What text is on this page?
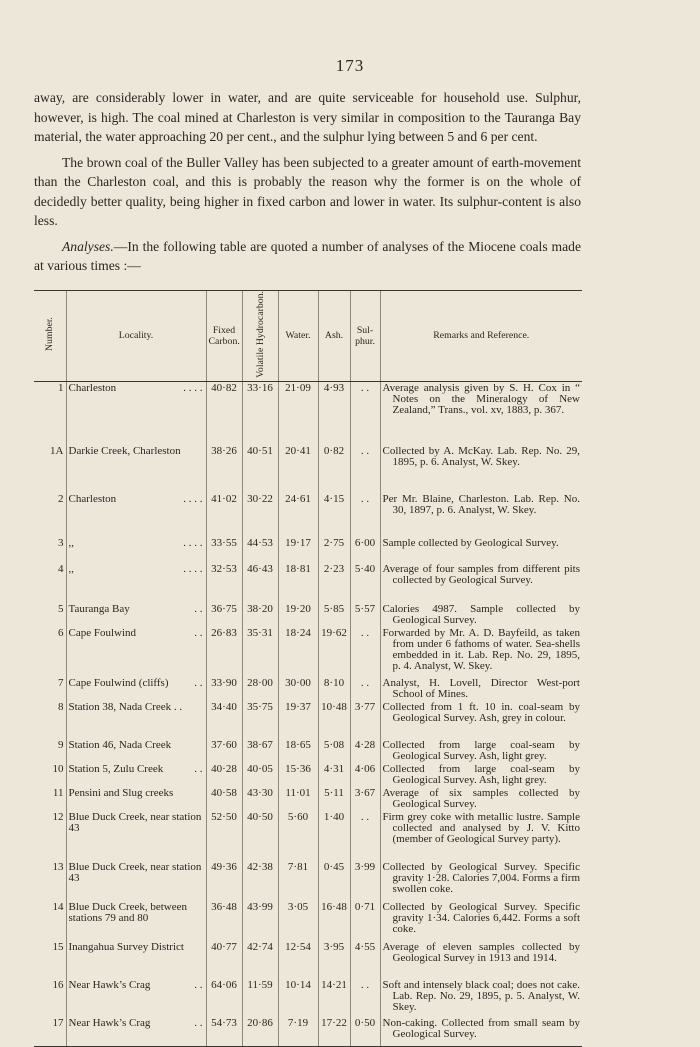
173

away, are considerably lower in water, and are quite serviceable for household use. Sulphur, however, is high. The coal mined at Charleston is very similar in composition to the Tauranga Bay material, the water approaching 20 per cent., and the sulphur lying between 5 and 6 per cent.

The brown coal of the Buller Valley has been subjected to a greater amount of earth-movement than the Charleston coal, and this is probably the reason why the former is on the whole of decidedly better quality, being higher in fixed carbon and lower in water. Its sulphur-content is also less.

Analyses.—In the following table are quoted a number of analyses of the Miocene coals made at various times :—

Number.	Locality.	Fixed Carbon.	Volatile Hydrocarbon.	Water.	Ash.	Sul-phur.	Remarks and Reference.
1	Charleston . . . .	40·82	33·16	21·09	4·93	. .	Average analysis given by S. H. Cox in “ Notes on the Mineralogy of New Zealand,” Trans., vol. xv, 1883, p. 367.

1A	Darkie Creek, Charleston	38·26	40·51	20·41	0·82	. .	Collected by A. McKay. Lab. Rep. No. 29, 1895, p. 6. Analyst, W. Skey.

2	Charleston . . . .	41·02	30·22	24·61	4·15	. .	Per Mr. Blaine, Charleston. Lab. Rep. No. 30, 1897, p. 6. Analyst, W. Skey.

3	,, . . . .	33·55	44·53	19·17	2·75	6·00	Sample collected by Geological Survey.

4	,, . . . .	32·53	46·43	18·81	2·23	5·40	Average of four samples from different pits collected by Geological Survey.

5	Tauranga Bay . .	36·75	38·20	19·20	5·85	5·57	Calories 4987. Sample collected by Geological Survey.

6	Cape Foulwind . .	26·83	35·31	18·24	19·62	. .	Forwarded by Mr. A. D. Bayfeild, as taken from under 6 fathoms of water. Sea-shells embedded in it. Lab. Rep. No. 29, 1895, p. 4. Analyst, W. Skey.

7	Cape Foulwind (cliffs) . .	33·90	28·00	30·00	8·10	. .	Analyst, H. Lovell, Director West-port School of Mines.

8	Station 38, Nada Creek . .	34·40	35·75	19·37	10·48	3·77	Collected from 1 ft. 10 in. coal-seam by Geological Survey. Ash, grey in colour.

9	Station 46, Nada Creek	37·60	38·67	18·65	5·08	4·28	Collected from large coal-seam by Geological Survey. Ash, light grey.

10	Station 5, Zulu Creek . .	40·28	40·05	15·36	4·31	4·06	Collected from large coal-seam by Geological Survey. Ash, light grey.

11	Pensini and Slug creeks	40·58	43·30	11·01	5·11	3·67	Average of six samples collected by Geological Survey.

12	Blue Duck Creek, near station 43	52·50	40·50	5·60	1·40	. .	Firm grey coke with metallic lustre. Sample collected and analysed by J. V. Kitto (member of Geological Survey party).

13	Blue Duck Creek, near station 43	49·36	42·38	7·81	0·45	3·99	Collected by Geological Survey. Specific gravity 1·28. Calories 7,004. Forms a firm swollen coke.

14	Blue Duck Creek, between stations 79 and 80	36·48	43·99	3·05	16·48	0·71	Collected by Geological Survey. Specific gravity 1·34. Calories 6,442. Forms a soft coke.

15	Inangahua Survey District	40·77	42·74	12·54	3·95	4·55	Average of eleven samples collected by Geological Survey in 1913 and 1914.

16	Near Hawk’s Crag . .	64·06	11·59	10·14	14·21	. .	Soft and intensely black coal; does not cake. Lab. Rep. No. 29, 1895, p. 5. Analyst, W. Skey.

17	Near Hawk’s Crag . .	54·73	20·86	7·19	17·22	0·50	Non-caking. Collected from small seam by Geological Survey.
